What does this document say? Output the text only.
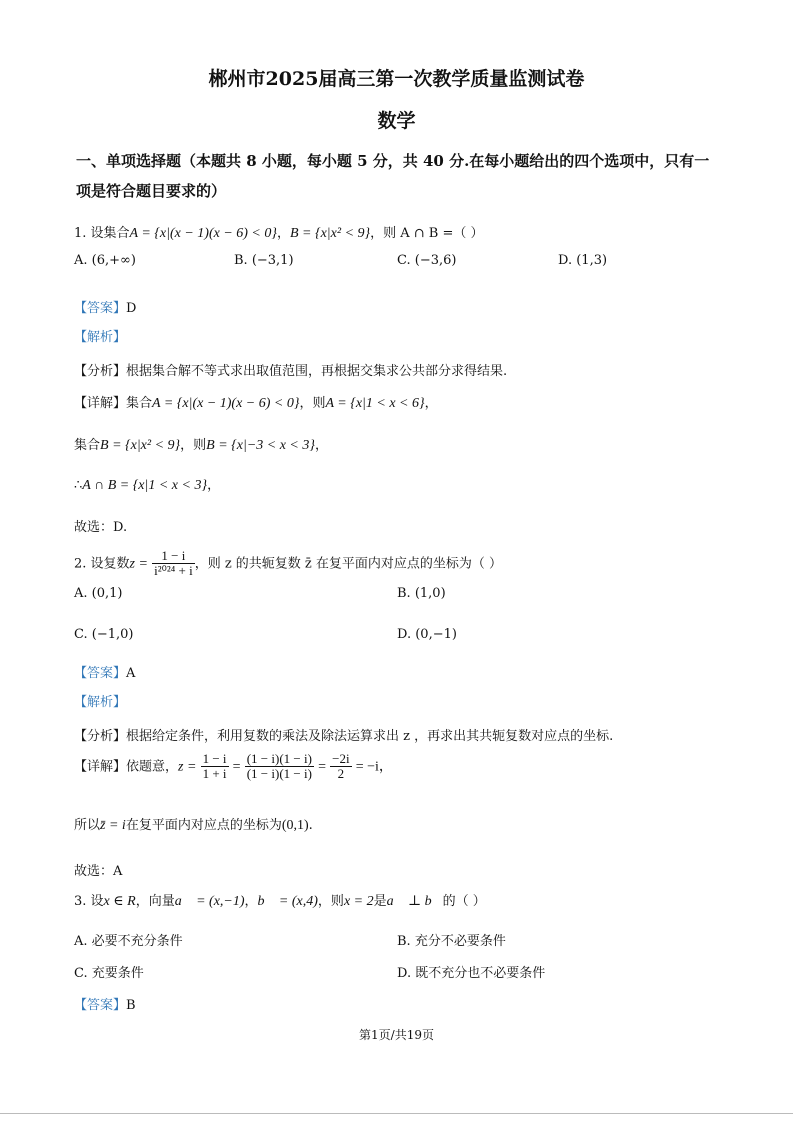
郴州市2025届高三第一次教学质量监测试卷
数学
一、单项选择题（本题共 8 小题，每小题 5 分，共 40 分.在每小题给出的四个选项中，只有一
项是符合题目要求的）
1. 设集合A = {x|(x − 1)(x − 6) < 0}，B = {x|x² < 9}，则 A ∩ B =（ ）
A. (6,+∞)	B. (−3,1)	C. (−3,6)	D. (1,3)
【答案】D
【解析】
【分析】根据集合解不等式求出取值范围，再根据交集求公共部分求得结果.
【详解】集合A = {x|(x − 1)(x − 6) < 0}，则A = {x|1 < x < 6}，
集合B = {x|x² < 9}，则B = {x|−3 < x < 3}，
∴A ∩ B = {x|1 < x < 3}，
故选：D.
2. 设复数$z = \frac{1 - i}{\text{i²⁰²⁴ + i}}$ ，则 z 的共轭复数 z̄ 在复平面内对应点的坐标为（ ）
A. (0,1)	B. (1,0)
C. (−1,0)	D. (0,−1)
【答案】A
【解析】
【分析】根据给定条件，利用复数的乘法及除法运算求出 z ，再求出其共轭复数对应点的坐标.
【详解】依题意，$z = \frac{1 - i}{1 + i} = \frac{(1 - i)(1 - i)}{(1 - i)(1 - i)} = \frac{-2i}{2} = -i$，
所以z̄ = i在复平面内对应点的坐标为(0,1).
故选：A
3. 设x ∈ R，向量a⃗ = (x,−1)，b⃗ = (x,4)，则x = 2是a⃗ ⊥ b⃗的（ ）
A. 必要不充分条件	B. 充分不必要条件
C. 充要条件	D. 既不充分也不必要条件
【答案】B
第1页/共19页
